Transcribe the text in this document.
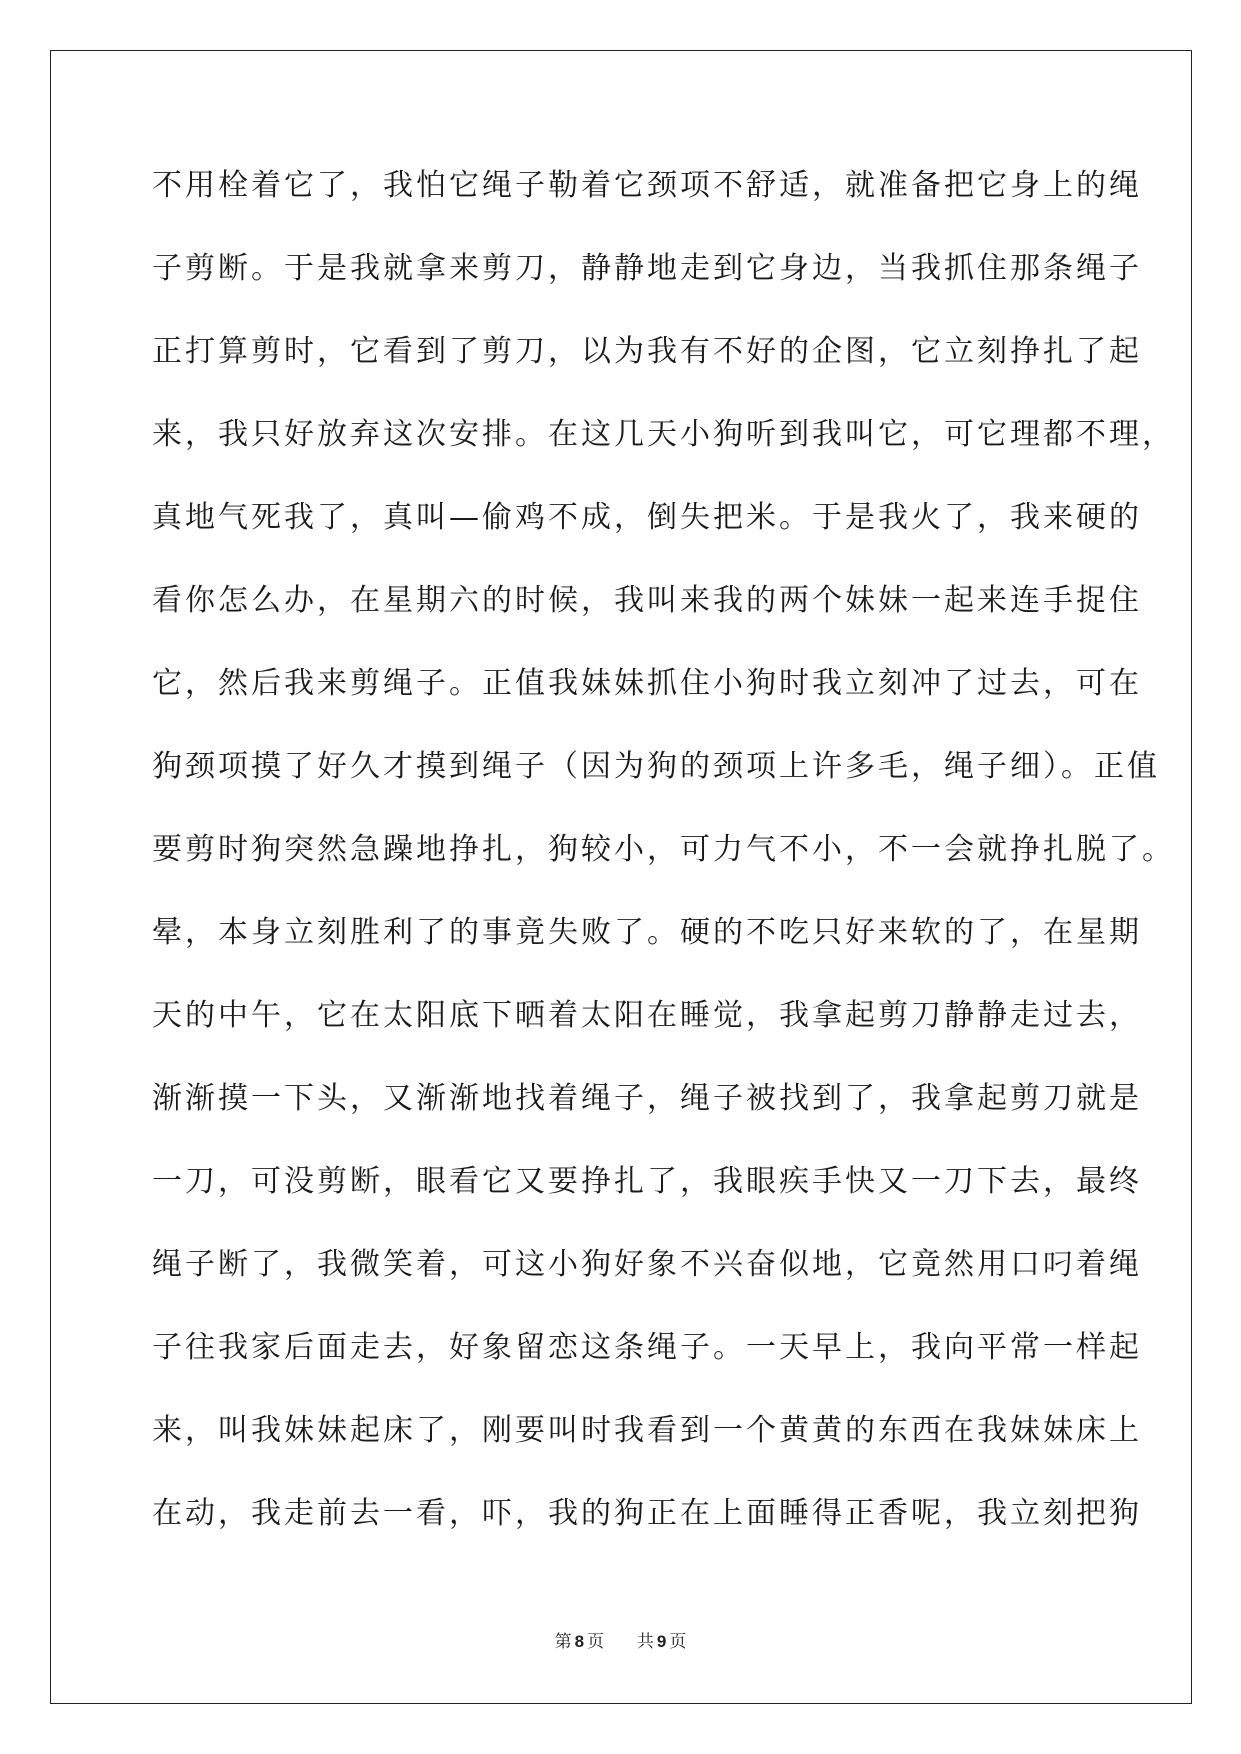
不用栓着它了，我怕它绳子勒着它颈项不舒适，就准备把它身上的绳
子剪断。于是我就拿来剪刀，静静地走到它身边，当我抓住那条绳子
正打算剪时，它看到了剪刀，以为我有不好的企图，它立刻挣扎了起
来，我只好放弃这次安排。在这几天小狗听到我叫它，可它理都不理，
真地气死我了，真叫—偷鸡不成，倒失把米。于是我火了，我来硬的
看你怎么办，在星期六的时候，我叫来我的两个妹妹一起来连手捉住
它，然后我来剪绳子。正值我妹妹抓住小狗时我立刻冲了过去，可在
狗颈项摸了好久才摸到绳子（因为狗的颈项上许多毛，绳子细）。正值
要剪时狗突然急躁地挣扎，狗较小，可力气不小，不一会就挣扎脱了。
晕，本身立刻胜利了的事竟失败了。硬的不吃只好来软的了，在星期
天的中午，它在太阳底下晒着太阳在睡觉，我拿起剪刀静静走过去，
渐渐摸一下头，又渐渐地找着绳子，绳子被找到了，我拿起剪刀就是
一刀，可没剪断，眼看它又要挣扎了，我眼疾手快又一刀下去，最终
绳子断了，我微笑着，可这小狗好象不兴奋似地，它竟然用口叼着绳
子往我家后面走去，好象留恋这条绳子。一天早上，我向平常一样起
来，叫我妹妹起床了，刚要叫时我看到一个黄黄的东西在我妹妹床上
在动，我走前去一看，吓，我的狗正在上面睡得正香呢，我立刻把狗
第 8 页 共 9 页
